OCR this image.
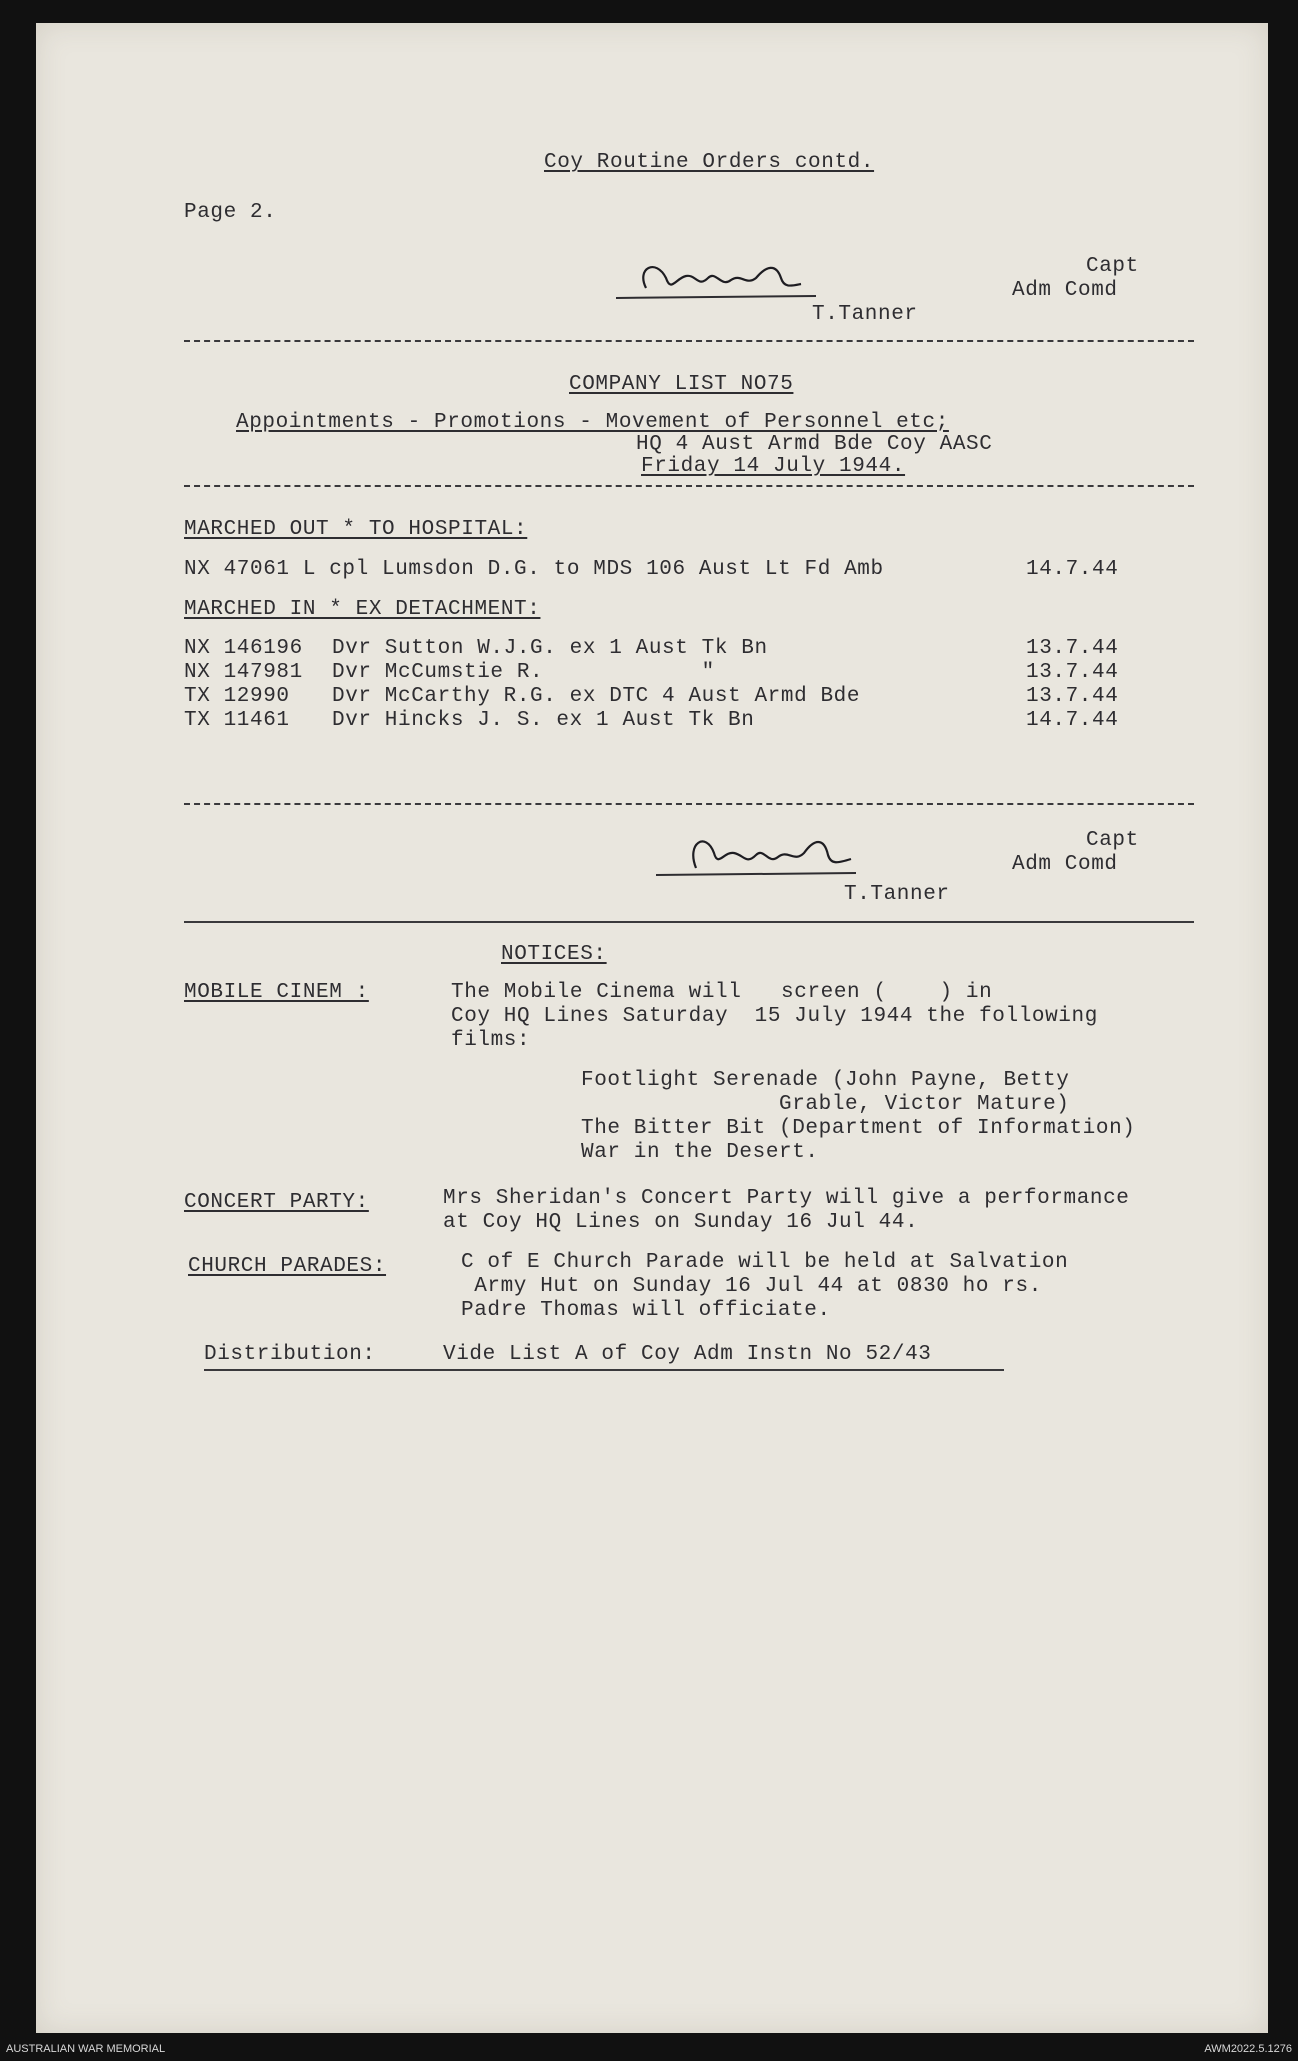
Coy Routine Orders contd.
Page 2.
Capt
Adm Comd
T.Tanner
COMPANY LIST NO75
Appointments - Promotions - Movement of Personnel etc;
HQ 4 Aust Armd Bde Coy AASC
Friday 14 July 1944.
MARCHED OUT * TO HOSPITAL:
NX 47061 L cpl Lumsdon D.G. to MDS 106 Aust Lt Fd Amb	14.7.44
MARCHED IN * EX DETACHMENT:
NX 146196 Dvr Sutton W.J.G. ex 1 Aust Tk Bn	13.7.44
NX 147981 Dvr McCumstie R.            "	13.7.44
TX 12990 Dvr McCarthy R.G. ex DTC 4 Aust Armd Bde	13.7.44
TX 11461 Dvr Hincks J. S. ex 1 Aust Tk Bn	14.7.44
Capt
Adm Comd
T.Tanner
NOTICES:
MOBILE CINEM :	The Mobile Cinema will   screen (    ) in
Coy HQ Lines Saturday  15 July 1944 the following
films:
Footlight Serenade (John Payne, Betty
Grable, Victor Mature)
The Bitter Bit (Department of Information)
War in the Desert.
CONCERT PARTY:	Mrs Sheridan's Concert Party will give a performance
at Coy HQ Lines on Sunday 16 Jul 44.
CHURCH PARADES:	C of E Church Parade will be held at Salvation
Army Hut on Sunday 16 Jul 44 at 0830 ho rs.
Padre Thomas will officiate.
Distribution:	Vide List A of Coy Adm Instn No 52/43
AUSTRALIAN WAR MEMORIAL	AWM2022.5.1276
